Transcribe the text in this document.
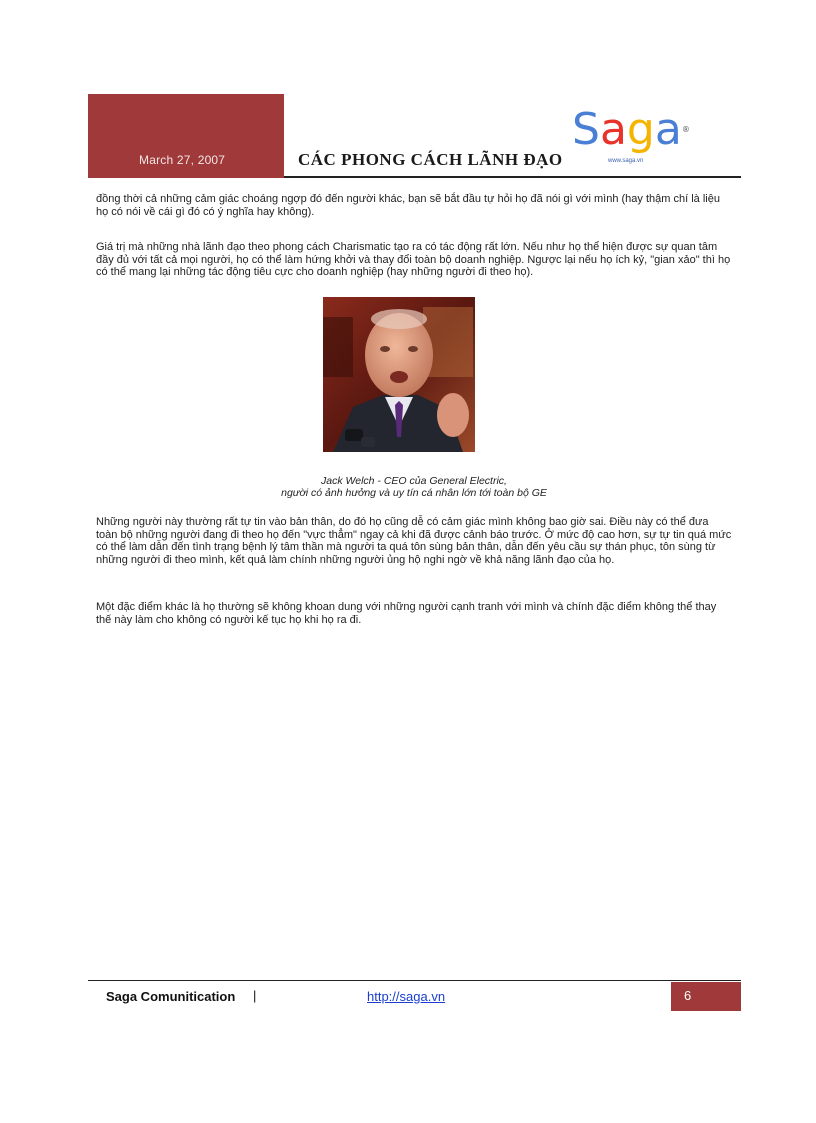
March 27, 2007	CÁC PHONG CÁCH LÃNH ĐẠO
Saga®
www.saga.vn

đồng thời cả những cảm giác choáng ngợp đó đến người khác, bạn sẽ bắt đầu tự hỏi họ đã nói gì với mình (hay thậm chí là liệu họ có nói về cái gì đó có ý nghĩa hay không).

Giá trị mà những nhà lãnh đạo theo phong cách Charismatic tạo ra có tác động rất lớn. Nếu như họ thể hiện được sự quan tâm đầy đủ với tất cả mọi người, họ có thể làm hứng khởi và thay đổi toàn bộ doanh nghiệp. Ngược lại nếu họ ích kỷ, "gian xảo" thì họ có thể mang lại những tác động tiêu cực cho doanh nghiệp (hay những người đi theo họ).

Jack Welch - CEO của General Electric,
người có ảnh hưởng và uy tín cá nhân lớn tới toàn bộ GE

Những người này thường rất tự tin vào bản thân, do đó họ cũng dễ có cảm giác mình không bao giờ sai. Điều này có thể đưa toàn bộ những người đang đi theo họ đến "vực thẳm" ngay cả khi đã được cảnh báo trước. Ở mức độ cao hơn, sự tự tin quá mức có thể làm dẫn đến tình trạng bệnh lý tâm thần mà người ta quá tôn sùng bản thân, dẫn đến yêu cầu sự thán phục, tôn sùng từ những người đi theo mình, kết quả làm chính những người ủng hộ nghi ngờ về khả năng lãnh đạo của họ.

Một đặc điểm khác là họ thường sẽ không khoan dung với những người cạnh tranh với mình và chính đặc điểm không thể thay thế này làm cho không có người kế tục họ khi họ ra đi.

Saga Comunitication |	http://saga.vn	6
